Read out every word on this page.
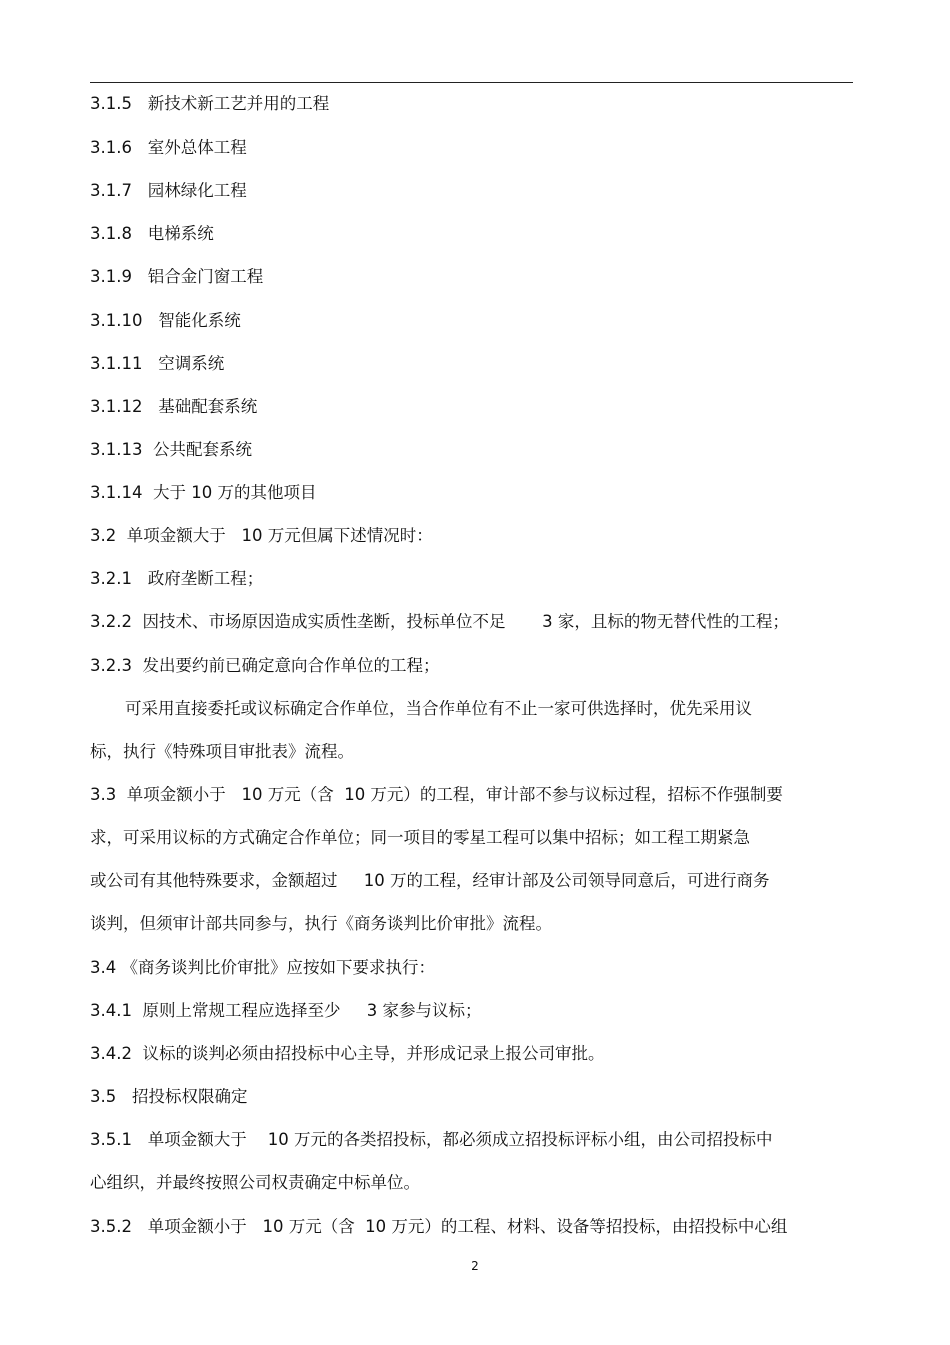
3.1.5   新技术新工艺并用的工程
3.1.6   室外总体工程
3.1.7   园林绿化工程
3.1.8   电梯系统
3.1.9   铝合金门窗工程
3.1.10   智能化系统
3.1.11   空调系统
3.1.12   基础配套系统
3.1.13  公共配套系统
3.1.14  大于 10 万的其他项目
3.2  单项金额大于   10 万元但属下述情况时：
3.2.1   政府垄断工程；
3.2.2  因技术、市场原因造成实质性垄断，投标单位不足       3 家，且标的物无替代性的工程；
3.2.3  发出要约前已确定意向合作单位的工程；
可采用直接委托或议标确定合作单位，当合作单位有不止一家可供选择时，优先采用议
标，执行《特殊项目审批表》流程。
3.3  单项金额小于   10 万元（含  10 万元）的工程，审计部不参与议标过程，招标不作强制要
求，可采用议标的方式确定合作单位；同一项目的零星工程可以集中招标；如工程工期紧急
或公司有其他特殊要求，金额超过     10 万的工程，经审计部及公司领导同意后，可进行商务
谈判，但须审计部共同参与，执行《商务谈判比价审批》流程。
3.4 《商务谈判比价审批》应按如下要求执行：
3.4.1  原则上常规工程应选择至少     3 家参与议标；
3.4.2  议标的谈判必须由招投标中心主导，并形成记录上报公司审批。
3.5   招投标权限确定
3.5.1   单项金额大于    10 万元的各类招投标，都必须成立招投标评标小组，由公司招投标中
心组织，并最终按照公司权责确定中标单位。
3.5.2   单项金额小于   10 万元（含  10 万元）的工程、材料、设备等招投标，由招投标中心组
2
